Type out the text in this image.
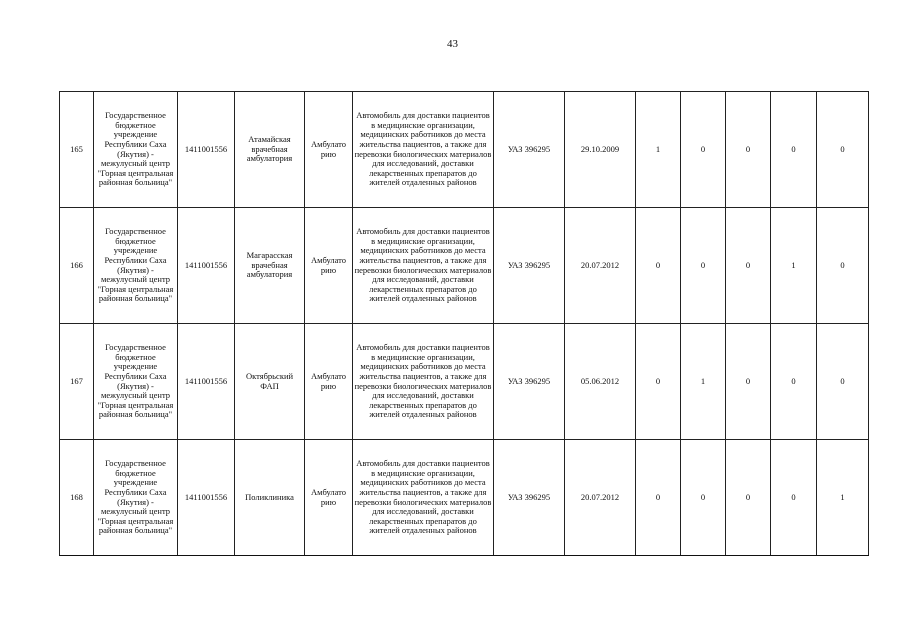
43
165	Государственное бюджетное учреждение Республики Саха (Якутия) - межулусный центр "Горная центральная районная больница"	1411001556	Атамайская врачебная амбулатория	Амбулато рию	Автомобиль для доставки пациентов в медицинские организации, медицинских работников до места жительства пациентов, а также для перевозки биологических материалов для исследований, доставки лекарственных препаратов до жителей отдаленных районов	УАЗ 396295	29.10.2009	1	0	0	0	0
166	Государственное бюджетное учреждение Республики Саха (Якутия) - межулусный центр "Горная центральная районная больница"	1411001556	Магарасская врачебная амбулатория	Амбулато рию	Автомобиль для доставки пациентов в медицинские организации, медицинских работников до места жительства пациентов, а также для перевозки биологических материалов для исследований, доставки лекарственных препаратов до жителей отдаленных районов	УАЗ 396295	20.07.2012	0	0	0	1	0
167	Государственное бюджетное учреждение Республики Саха (Якутия) - межулусный центр "Горная центральная районная больница"	1411001556	Октябрьский ФАП	Амбулато рию	Автомобиль для доставки пациентов в медицинские организации, медицинских работников до места жительства пациентов, а также для перевозки биологических материалов для исследований, доставки лекарственных препаратов до жителей отдаленных районов	УАЗ 396295	05.06.2012	0	1	0	0	0
168	Государственное бюджетное учреждение Республики Саха (Якутия) - межулусный центр "Горная центральная районная больница"	1411001556	Поликлиника	Амбулато рию	Автомобиль для доставки пациентов в медицинские организации, медицинских работников до места жительства пациентов, а также для перевозки биологических материалов для исследований, доставки лекарственных препаратов до жителей отдаленных районов	УАЗ 396295	20.07.2012	0	0	0	0	1
